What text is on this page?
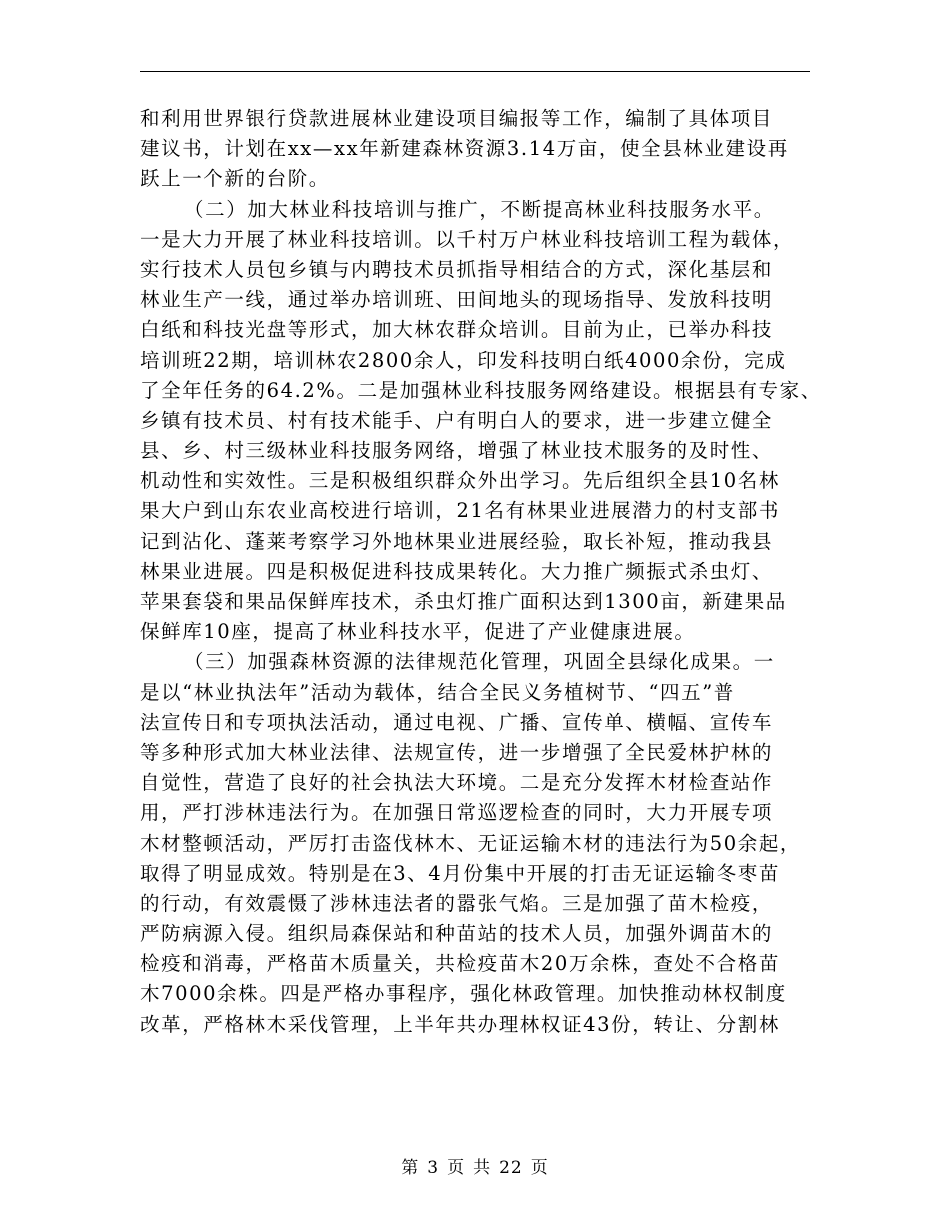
和利用世界银行贷款进展林业建设项目编报等工作，编制了具体项目
建议书，计划在xx—xx年新建森林资源3.14万亩，使全县林业建设再
跃上一个新的台阶。
（二）加大林业科技培训与推广，不断提高林业科技服务水平。
一是大力开展了林业科技培训。以千村万户林业科技培训工程为载体，
实行技术人员包乡镇与内聘技术员抓指导相结合的方式，深化基层和
林业生产一线，通过举办培训班、田间地头的现场指导、发放科技明
白纸和科技光盘等形式，加大林农群众培训。目前为止，已举办科技
培训班22期，培训林农2800余人，印发科技明白纸4000余份，完成
了全年任务的64.2%。二是加强林业科技服务网络建设。根据县有专家、
乡镇有技术员、村有技术能手、户有明白人的要求，进一步建立健全
县、乡、村三级林业科技服务网络，增强了林业技术服务的及时性、
机动性和实效性。三是积极组织群众外出学习。先后组织全县10名林
果大户到山东农业高校进行培训，21名有林果业进展潜力的村支部书
记到沾化、蓬莱考察学习外地林果业进展经验，取长补短，推动我县
林果业进展。四是积极促进科技成果转化。大力推广频振式杀虫灯、
苹果套袋和果品保鲜库技术，杀虫灯推广面积达到1300亩，新建果品
保鲜库10座，提高了林业科技水平，促进了产业健康进展。
（三）加强森林资源的法律规范化管理，巩固全县绿化成果。一
是以“林业执法年”活动为载体，结合全民义务植树节、“四五”普
法宣传日和专项执法活动，通过电视、广播、宣传单、横幅、宣传车
等多种形式加大林业法律、法规宣传，进一步增强了全民爱林护林的
自觉性，营造了良好的社会执法大环境。二是充分发挥木材检查站作
用，严打涉林违法行为。在加强日常巡逻检查的同时，大力开展专项
木材整顿活动，严厉打击盗伐林木、无证运输木材的违法行为50余起，
取得了明显成效。特别是在3、4月份集中开展的打击无证运输冬枣苗
的行动，有效震慑了涉林违法者的嚣张气焰。三是加强了苗木检疫，
严防病源入侵。组织局森保站和种苗站的技术人员，加强外调苗木的
检疫和消毒，严格苗木质量关，共检疫苗木20万余株，查处不合格苗
木7000余株。四是严格办事程序，强化林政管理。加快推动林权制度
改革，严格林木采伐管理，上半年共办理林权证43份，转让、分割林
第 3 页 共 22 页
